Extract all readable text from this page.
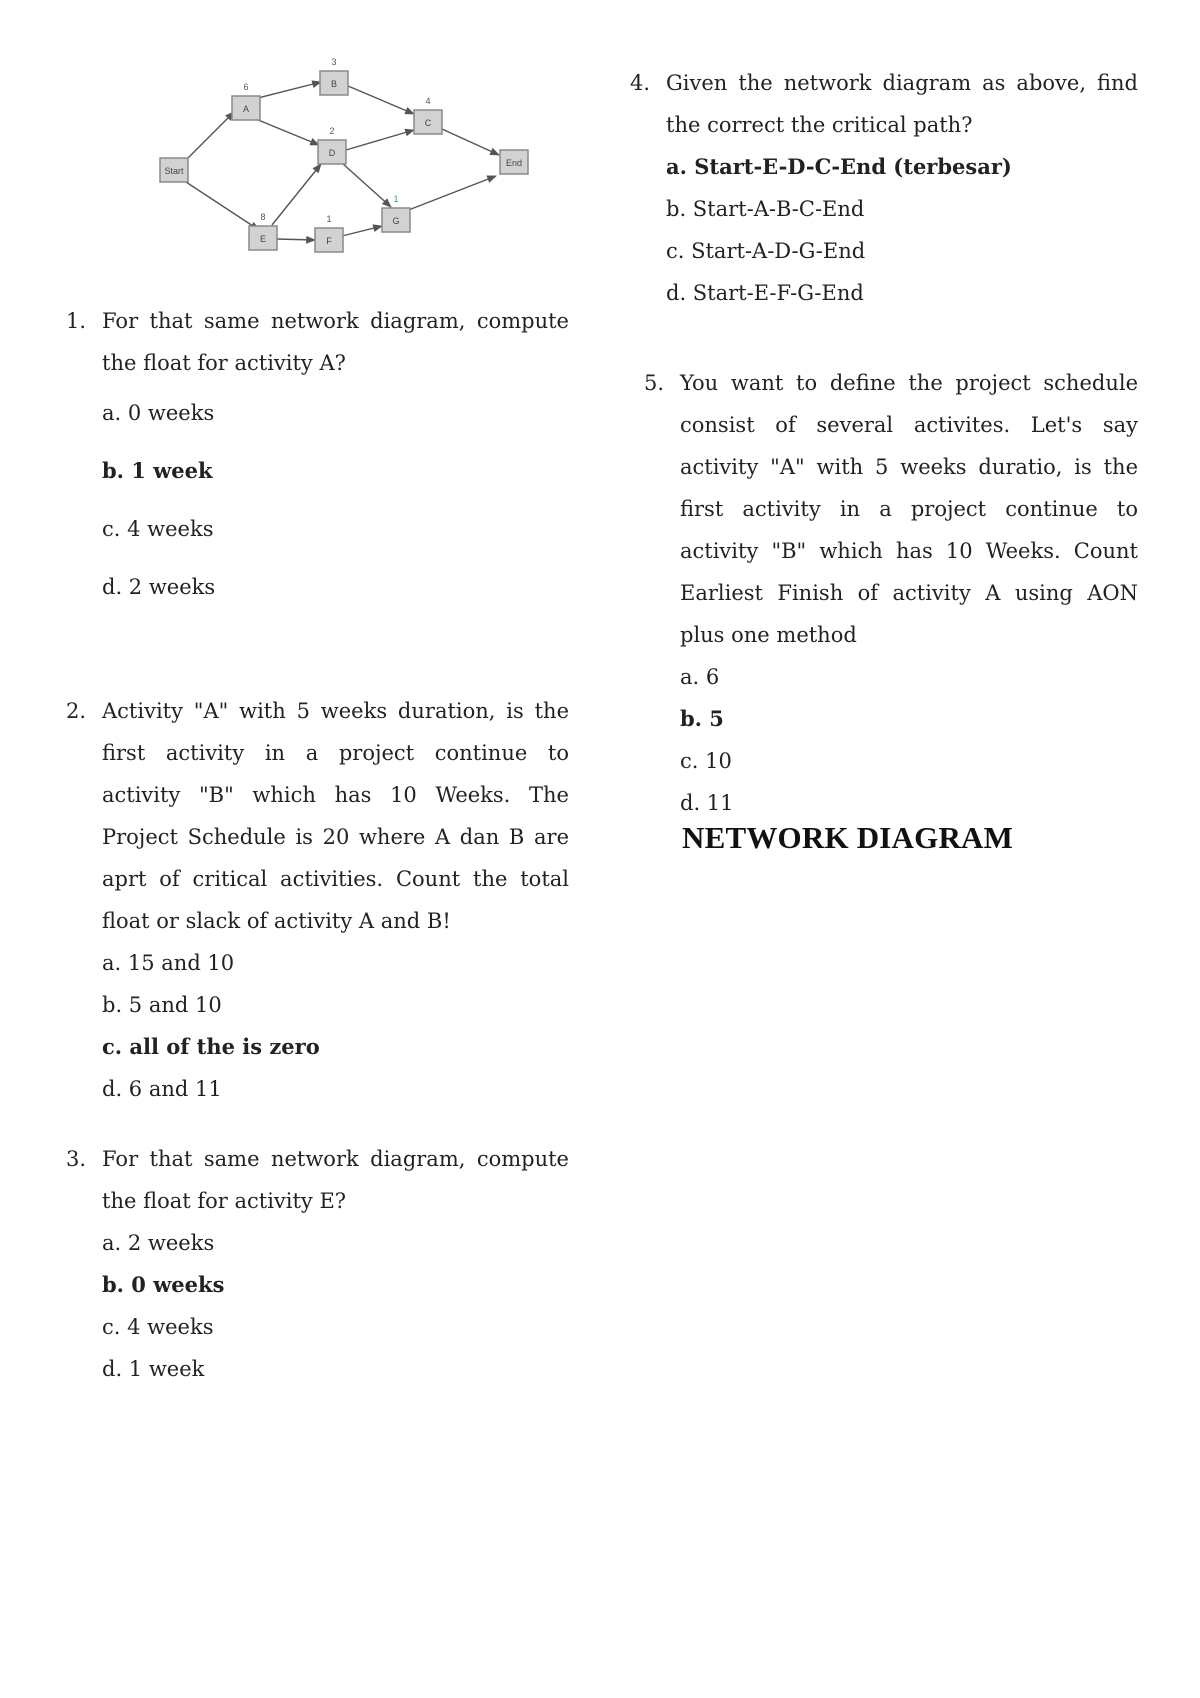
Start
A
6	B
3
C
4
D
2
E
8
F
1	G
1
End
1. For that same network diagram, compute the float for activity A?
a. 0 weeks
b. 1 week
c. 4 weeks
d. 2 weeks
2. Activity "A" with 5 weeks duration, is the first activity in a project continue to activity "B" which has 10 Weeks. The Project Schedule is 20 where A dan B are aprt of critical activities. Count the total float or slack of activity A and B!
a. 15 and 10
b. 5 and 10
c. all of the is zero
d. 6 and 11
3. For that same network diagram, compute the float for activity E?
a. 2 weeks
b. 0 weeks
c. 4 weeks
d. 1 week
4. Given the network diagram as above, find the correct the critical path?
a. Start-E-D-C-End (terbesar)
b. Start-A-B-C-End
c. Start-A-D-G-End
d. Start-E-F-G-End
5. You want to define the project schedule consist of several activites. Let's say activity "A" with 5 weeks duratio, is the first activity in a project continue to activity "B" which has 10 Weeks. Count Earliest Finish of activity A using AON plus one method
a. 6
b. 5
c. 10
d. 11
NETWORK DIAGRAM
